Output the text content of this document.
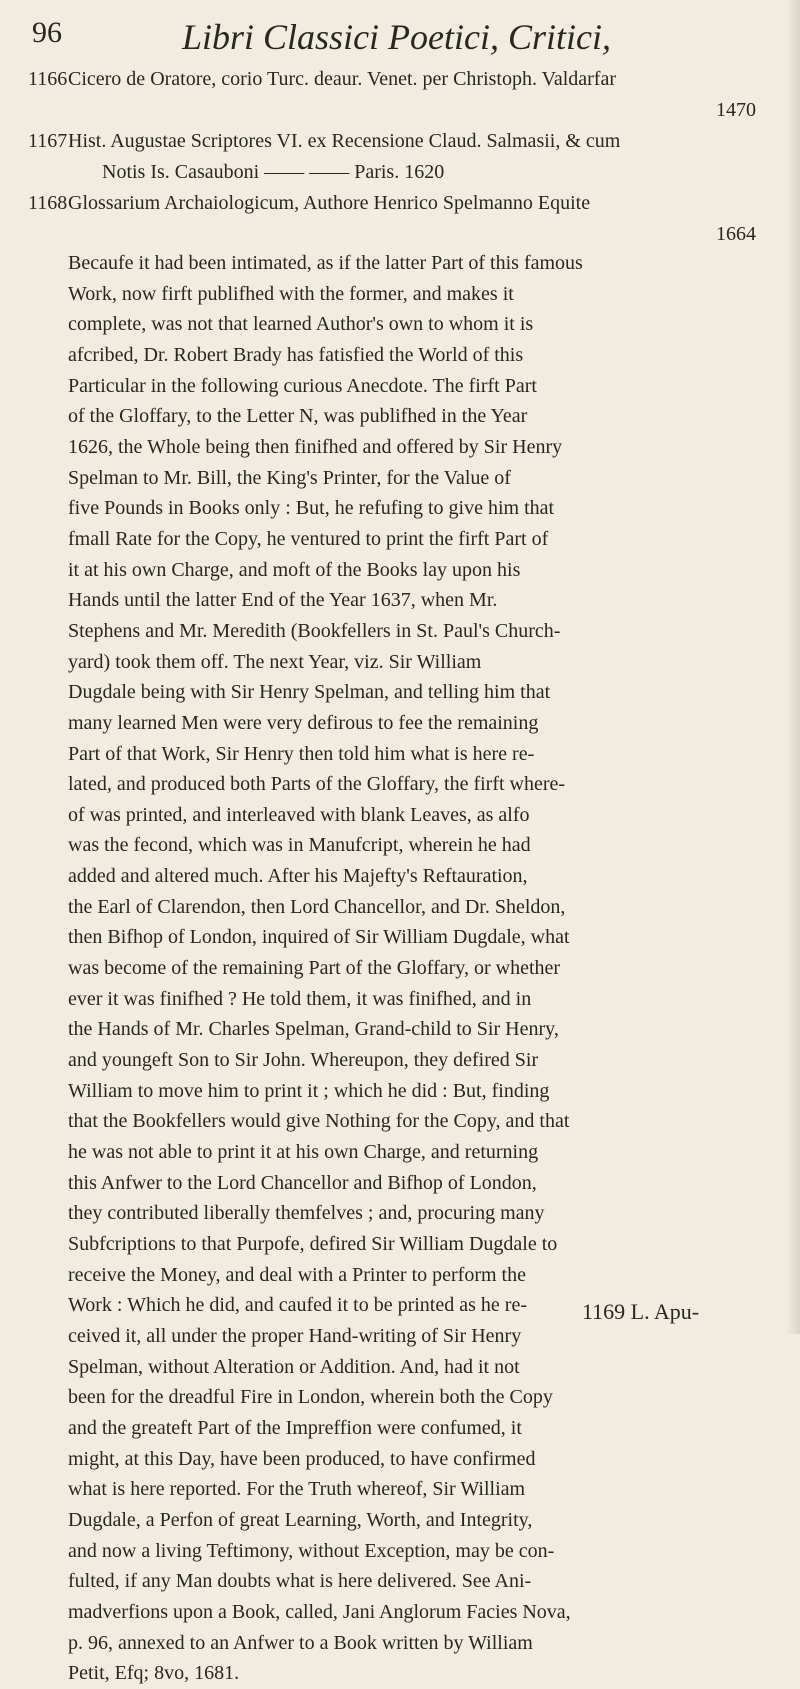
96	Libri Classici Poetici, Critici,
1166 Cicero de Oratore, corio Turc. deaur. Venet. per Christoph. Valdarfar
1470
1167 Hist. Augustae Scriptores VI. ex Recensione Claud. Salmasii, & cum
Notis Is. Casauboni —— —— Paris. 1620
1168 Glossarium Archaiologicum, Authore Henrico Spelmanno Equite
1664
Becaufe it had been intimated, as if the latter Part of this famous
Work, now firft publifhed with the former, and makes it
complete, was not that learned Author's own to whom it is
afcribed, Dr. Robert Brady has fatisfied the World of this
Particular in the following curious Anecdote. The firft Part
of the Gloffary, to the Letter N, was publifhed in the Year
1626, the Whole being then finifhed and offered by Sir Henry
Spelman to Mr. Bill, the King's Printer, for the Value of
five Pounds in Books only : But, he refufing to give him that
fmall Rate for the Copy, he ventured to print the firft Part of
it at his own Charge, and moft of the Books lay upon his
Hands until the latter End of the Year 1637, when Mr.
Stephens and Mr. Meredith (Bookfellers in St. Paul's Church-
yard) took them off. The next Year, viz. Sir William
Dugdale being with Sir Henry Spelman, and telling him that
many learned Men were very defirous to fee the remaining
Part of that Work, Sir Henry then told him what is here re-
lated, and produced both Parts of the Gloffary, the firft where-
of was printed, and interleaved with blank Leaves, as alfo
was the fecond, which was in Manufcript, wherein he had
added and altered much. After his Majefty's Reftauration,
the Earl of Clarendon, then Lord Chancellor, and Dr. Sheldon,
then Bifhop of London, inquired of Sir William Dugdale, what
was become of the remaining Part of the Gloffary, or whether
ever it was finifhed ? He told them, it was finifhed, and in
the Hands of Mr. Charles Spelman, Grand-child to Sir Henry,
and youngeft Son to Sir John. Whereupon, they defired Sir
William to move him to print it ; which he did : But, finding
that the Bookfellers would give Nothing for the Copy, and that
he was not able to print it at his own Charge, and returning
this Anfwer to the Lord Chancellor and Bifhop of London,
they contributed liberally themfelves ; and, procuring many
Subfcriptions to that Purpofe, defired Sir William Dugdale to
receive the Money, and deal with a Printer to perform the
Work : Which he did, and caufed it to be printed as he re-
ceived it, all under the proper Hand-writing of Sir Henry
Spelman, without Alteration or Addition. And, had it not
been for the dreadful Fire in London, wherein both the Copy
and the greateft Part of the Impreffion were confumed, it
might, at this Day, have been produced, to have confirmed
what is here reported. For the Truth whereof, Sir William
Dugdale, a Perfon of great Learning, Worth, and Integrity,
and now a living Teftimony, without Exception, may be con-
fulted, if any Man doubts what is here delivered. See Ani-
madverfions upon a Book, called, Jani Anglorum Facies Nova,
p. 96, annexed to an Anfwer to a Book written by William
Petit, Efq; 8vo, 1681.
1169 L. Apu-
